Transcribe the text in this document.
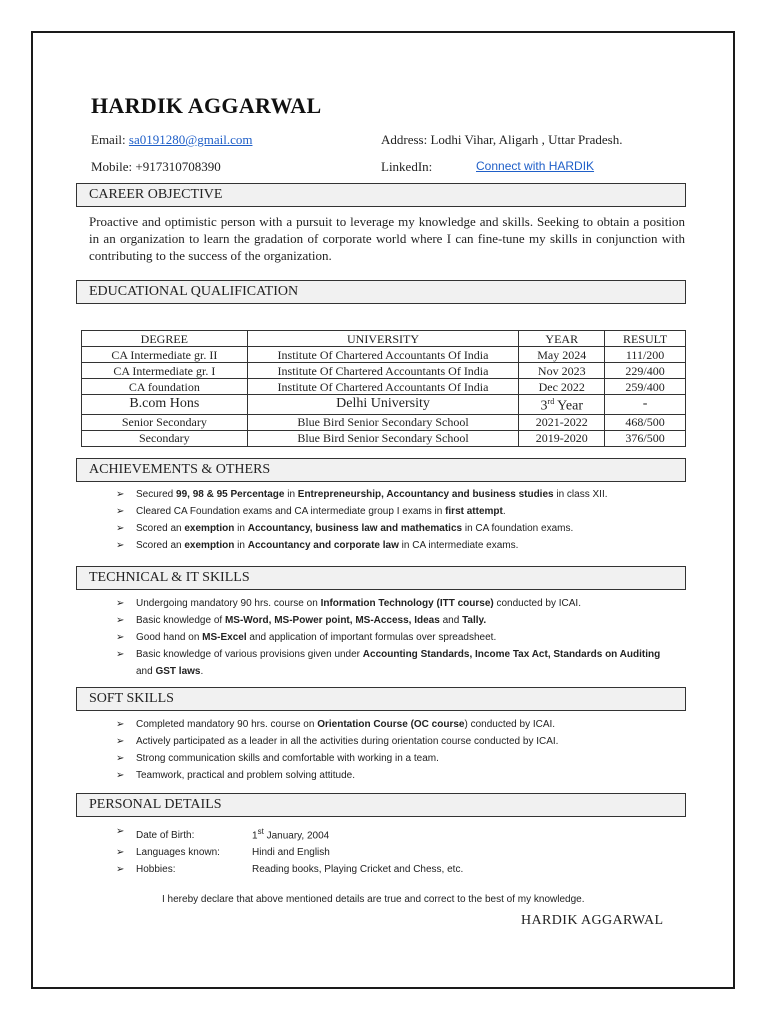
HARDIK AGGARWAL
Email: sa0191280@gmail.com	Address: Lodhi Vihar, Aligarh , Uttar Pradesh.
Mobile: +917310708390	LinkedIn:	Connect with HARDIK
CAREER OBJECTIVE
Proactive and optimistic person with a pursuit to leverage my knowledge and skills. Seeking to obtain a position in an organization to learn the gradation of corporate world where I can fine-tune my skills in conjunction with contributing to the success of the organization.
EDUCATIONAL QUALIFICATION
DEGREE	UNIVERSITY	YEAR	RESULT
CA Intermediate gr. II	Institute Of Chartered Accountants Of India	May 2024	111/200
CA Intermediate gr. I	Institute Of Chartered Accountants Of India	Nov 2023	229/400
CA foundation	Institute Of Chartered Accountants Of India	Dec 2022	259/400
B.com Hons	Delhi University	3rd Year	-
Senior Secondary	Blue Bird Senior Secondary School	2021-2022	468/500
Secondary	Blue Bird Senior Secondary School	2019-2020	376/500
ACHIEVEMENTS & OTHERS
➢ Secured 99, 98 & 95 Percentage in Entrepreneurship, Accountancy and business studies in class XII.
➢ Cleared CA Foundation exams and CA intermediate group I exams in first attempt.
➢ Scored an exemption in Accountancy, business law and mathematics in CA foundation exams.
➢ Scored an exemption in Accountancy and corporate law in CA intermediate exams.
TECHNICAL & IT SKILLS
➢ Undergoing mandatory 90 hrs. course on Information Technology (ITT course) conducted by ICAI.
➢ Basic knowledge of MS-Word, MS-Power point, MS-Access, Ideas and Tally.
➢ Good hand on MS-Excel and application of important formulas over spreadsheet.
➢ Basic knowledge of various provisions given under Accounting Standards, Income Tax Act, Standards on Auditing and GST laws.
SOFT SKILLS
➢ Completed mandatory 90 hrs. course on Orientation Course (OC course) conducted by ICAI.
➢ Actively participated as a leader in all the activities during orientation course conducted by ICAI.
➢ Strong communication skills and comfortable with working in a team.
➢ Teamwork, practical and problem solving attitude.
PERSONAL DETAILS
➢ Date of Birth:	1st January, 2004
➢ Languages known:	Hindi and English
➢ Hobbies:	Reading books, Playing Cricket and Chess, etc.
I hereby declare that above mentioned details are true and correct to the best of my knowledge.
HARDIK AGGARWAL
